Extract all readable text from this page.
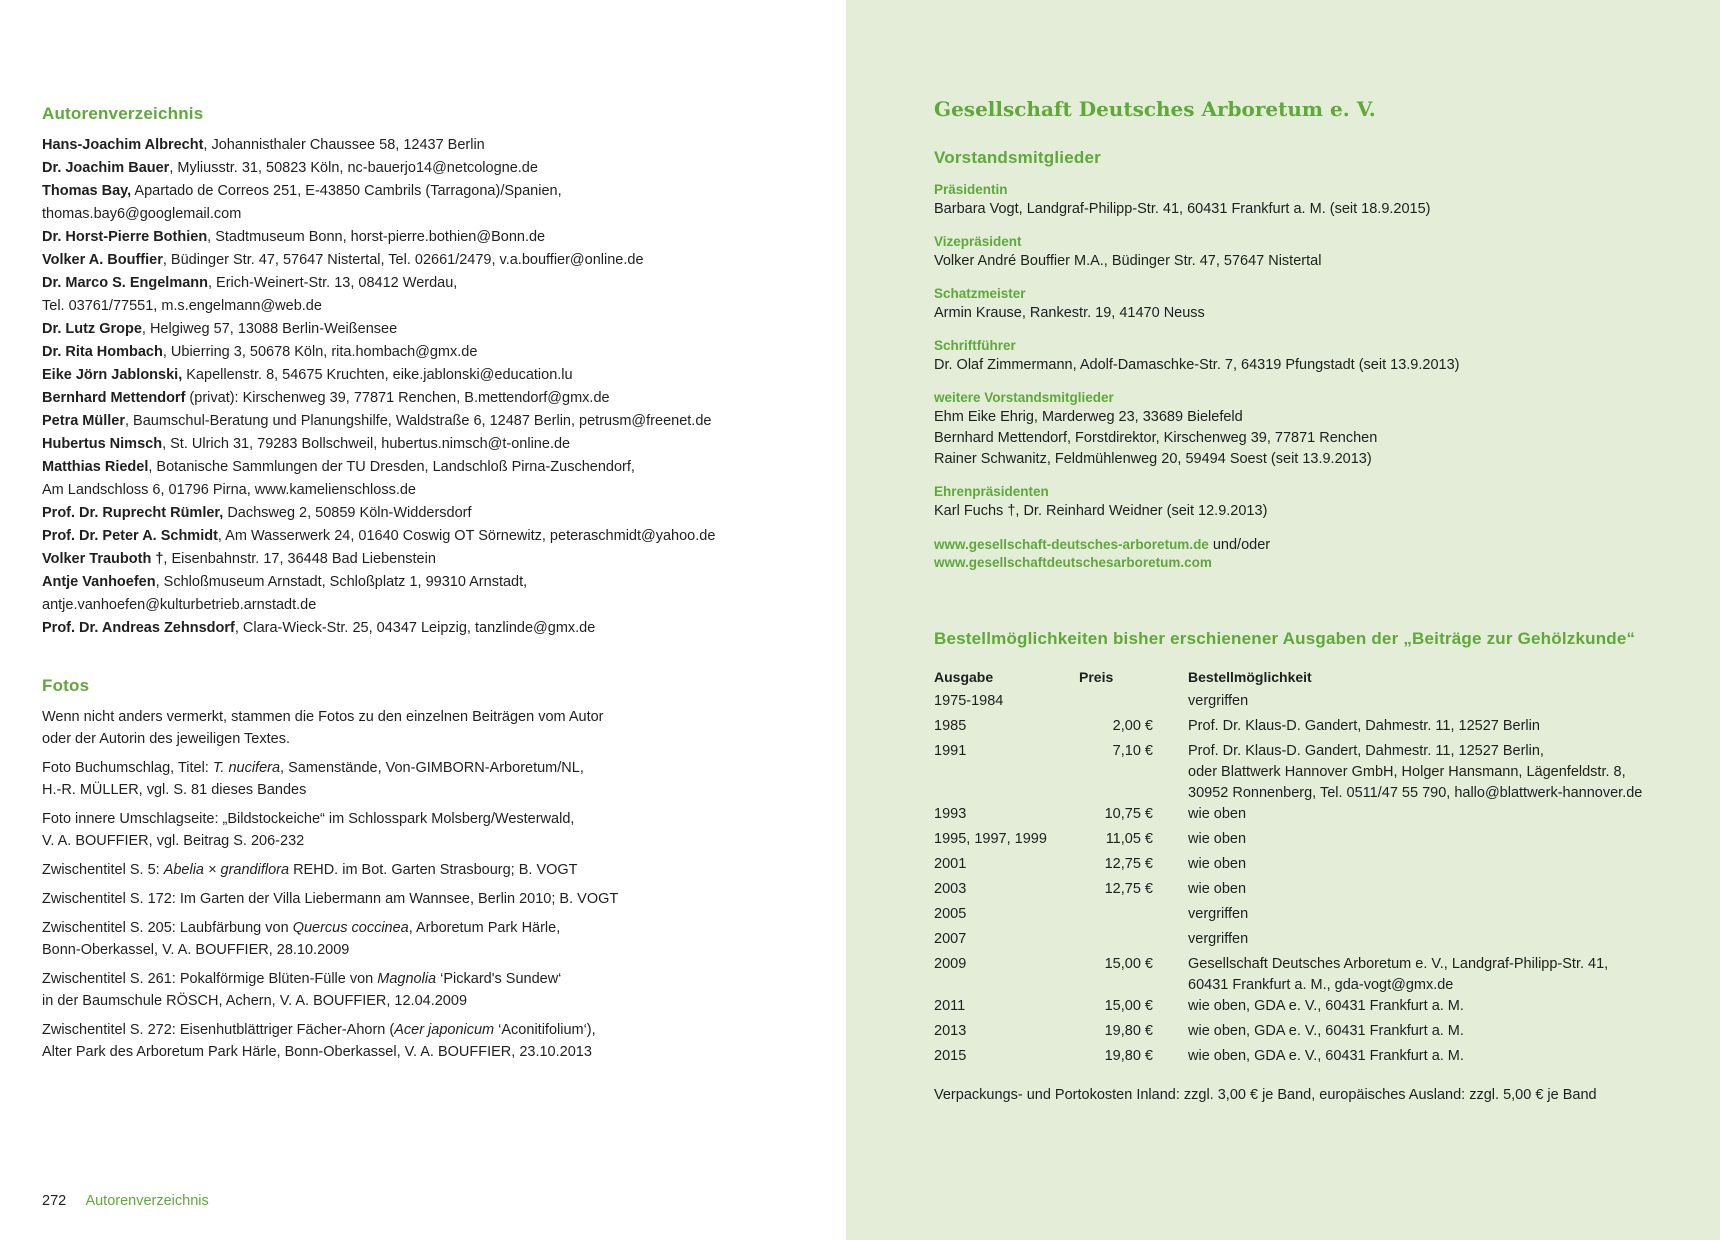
Autorenverzeichnis
Hans-Joachim Albrecht, Johannisthaler Chaussee 58, 12437 Berlin
Dr. Joachim Bauer, Myliusstr. 31, 50823 Köln, nc-bauerjo14@netcologne.de
Thomas Bay, Apartado de Correos 251, E-43850 Cambrils (Tarragona)/Spanien,
thomas.bay6@googlemail.com
Dr. Horst-Pierre Bothien, Stadtmuseum Bonn, horst-pierre.bothien@Bonn.de
Volker A. Bouffier, Büdinger Str. 47, 57647 Nistertal, Tel. 02661/2479, v.a.bouffier@online.de
Dr. Marco S. Engelmann, Erich-Weinert-Str. 13, 08412 Werdau,
Tel. 03761/77551, m.s.engelmann@web.de
Dr. Lutz Grope, Helgiweg 57, 13088 Berlin-Weißensee
Dr. Rita Hombach, Ubierring 3, 50678 Köln, rita.hombach@gmx.de
Eike Jörn Jablonski, Kapellenstr. 8, 54675 Kruchten, eike.jablonski@education.lu
Bernhard Mettendorf (privat): Kirschenweg 39, 77871 Renchen, B.mettendorf@gmx.de
Petra Müller, Baumschul-Beratung und Planungshilfe, Waldstraße 6, 12487 Berlin, petrusm@freenet.de
Hubertus Nimsch, St. Ulrich 31, 79283 Bollschweil, hubertus.nimsch@t-online.de
Matthias Riedel, Botanische Sammlungen der TU Dresden, Landschloß Pirna-Zuschendorf,
Am Landschloss 6, 01796 Pirna, www.kamelienschloss.de
Prof. Dr. Ruprecht Rümler, Dachsweg 2, 50859 Köln-Widdersdorf
Prof. Dr. Peter A. Schmidt, Am Wasserwerk 24, 01640 Coswig OT Sörnewitz, peteraschmidt@yahoo.de
Volker Trauboth †, Eisenbahnstr. 17, 36448 Bad Liebenstein
Antje Vanhoefen, Schloßmuseum Arnstadt, Schloßplatz 1, 99310 Arnstadt,
antje.vanhoefen@kulturbetrieb.arnstadt.de
Prof. Dr. Andreas Zehnsdorf, Clara-Wieck-Str. 25, 04347 Leipzig, tanzlinde@gmx.de
Fotos

Wenn nicht anders vermerkt, stammen die Fotos zu den einzelnen Beiträgen vom Autor
oder der Autorin des jeweiligen Textes.

Foto Buchumschlag, Titel: T. nucifera, Samenstände, Von-GIMBORN-Arboretum/NL,
H.-R. MÜLLER, vgl. S. 81 dieses Bandes

Foto innere Umschlagseite: „Bildstockeiche“ im Schlosspark Molsberg/Westerwald,
V. A. BOUFFIER, vgl. Beitrag S. 206-232

Zwischentitel S. 5: Abelia × grandiflora REHD. im Bot. Garten Strasbourg; B. VOGT

Zwischentitel S. 172: Im Garten der Villa Liebermann am Wannsee, Berlin 2010; B. VOGT

Zwischentitel S. 205: Laubfärbung von Quercus coccinea, Arboretum Park Härle,
Bonn-Oberkassel, V. A. BOUFFIER, 28.10.2009

Zwischentitel S. 261: Pokalförmige Blüten-Fülle von Magnolia ‘Pickard's Sundew‘
in der Baumschule RÖSCH, Achern, V. A. BOUFFIER, 12.04.2009

Zwischentitel S. 272: Eisenhutblättriger Fächer-Ahorn (Acer japonicum ‘Aconitifolium‘),
Alter Park des Arboretum Park Härle, Bonn-Oberkassel, V. A. BOUFFIER, 23.10.2013

272 Autorenverzeichnis
Gesellschaft Deutsches Arboretum e. V.
Vorstandsmitglieder
Präsidentin
Barbara Vogt, Landgraf-Philipp-Str. 41, 60431 Frankfurt a. M. (seit 18.9.2015)
Vizepräsident
Volker André Bouffier M.A., Büdinger Str. 47, 57647 Nistertal
Schatzmeister
Armin Krause, Rankestr. 19, 41470 Neuss
Schriftführer
Dr. Olaf Zimmermann, Adolf-Damaschke-Str. 7, 64319 Pfungstadt (seit 13.9.2013)
weitere Vorstandsmitglieder
Ehm Eike Ehrig, Marderweg 23, 33689 Bielefeld
Bernhard Mettendorf, Forstdirektor, Kirschenweg 39, 77871 Renchen
Rainer Schwanitz, Feldmühlenweg 20, 59494 Soest (seit 13.9.2013)
Ehrenpräsidenten
Karl Fuchs †, Dr. Reinhard Weidner (seit 12.9.2013)
www.gesellschaft-deutsches-arboretum.de und/oder
www.gesellschaftdeutschesarboretum.com
Bestellmöglichkeiten bisher erschienener Ausgaben der „Beiträge zur Gehölzkunde“
Ausgabe	Preis	Bestellmöglichkeit
1975-1984		vergriffen
1985	2,00 €	Prof. Dr. Klaus-D. Gandert, Dahmestr. 11, 12527 Berlin
1991	7,10 €	Prof. Dr. Klaus-D. Gandert, Dahmestr. 11, 12527 Berlin,
oder Blattwerk Hannover GmbH, Holger Hansmann, Lägenfeldstr. 8,
30952 Ronnenberg, Tel. 0511/47 55 790, hallo@blattwerk-hannover.de
1993	10,75 €	wie oben
1995, 1997, 1999	11,05 €	wie oben
2001	12,75 €	wie oben
2003	12,75 €	wie oben
2005		vergriffen
2007		vergriffen
2009	15,00 €	Gesellschaft Deutsches Arboretum e. V., Landgraf-Philipp-Str. 41,
60431 Frankfurt a. M., gda-vogt@gmx.de
2011	15,00 €	wie oben, GDA e. V., 60431 Frankfurt a. M.
2013	19,80 €	wie oben, GDA e. V., 60431 Frankfurt a. M.
2015	19,80 €	wie oben, GDA e. V., 60431 Frankfurt a. M.
Verpackungs- und Portokosten Inland: zzgl. 3,00 € je Band, europäisches Ausland: zzgl. 5,00 € je Band
